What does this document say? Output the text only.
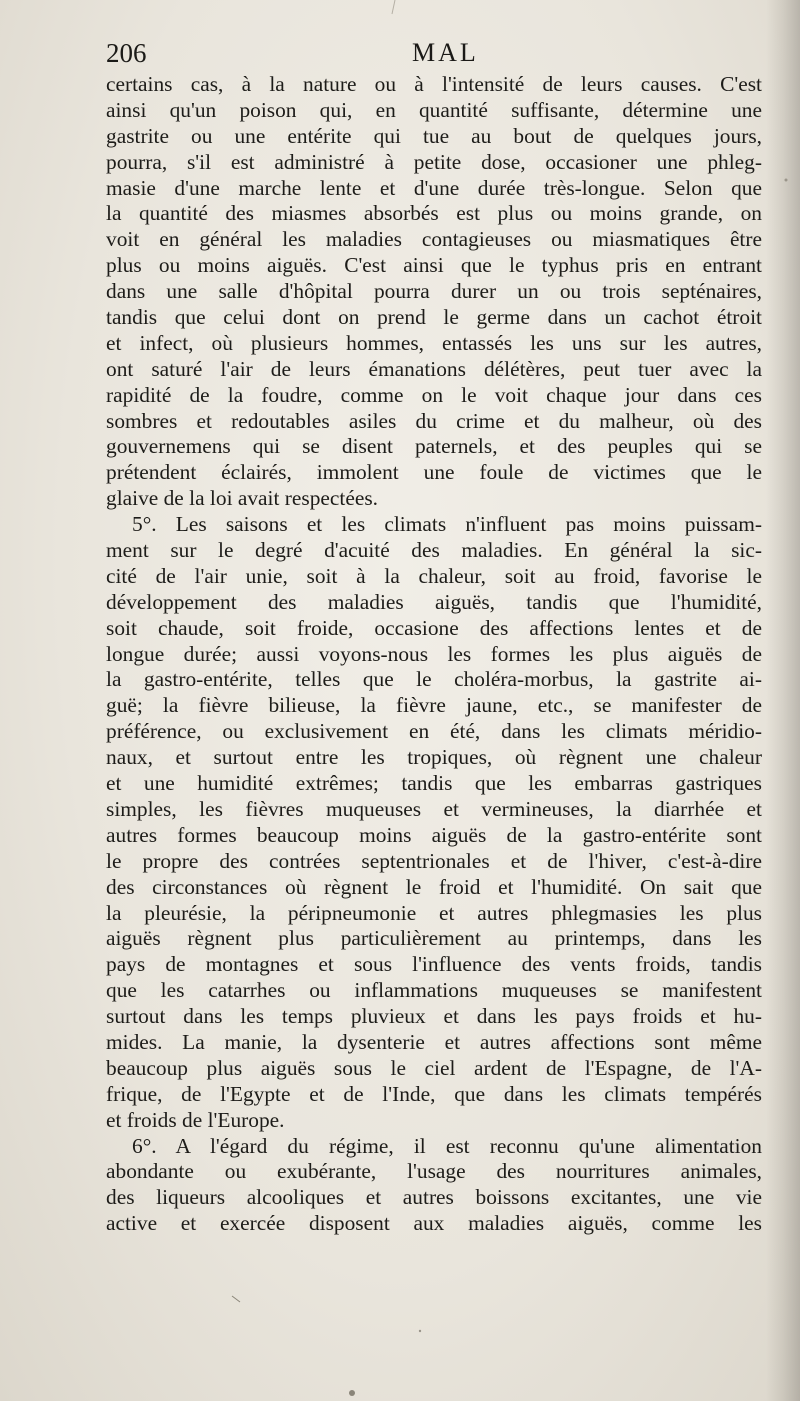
206	MAL
certains cas, à la nature ou à l'intensité de leurs causes. C'est
ainsi qu'un poison qui, en quantité suffisante, détermine une
gastrite ou une entérite qui tue au bout de quelques jours,
pourra, s'il est administré à petite dose, occasioner une phleg-
masie d'une marche lente et d'une durée très-longue. Selon que
la quantité des miasmes absorbés est plus ou moins grande, on
voit en général les maladies contagieuses ou miasmatiques être
plus ou moins aiguës. C'est ainsi que le typhus pris en entrant
dans une salle d'hôpital pourra durer un ou trois septénaires,
tandis que celui dont on prend le germe dans un cachot étroit
et infect, où plusieurs hommes, entassés les uns sur les autres,
ont saturé l'air de leurs émanations délétères, peut tuer avec la
rapidité de la foudre, comme on le voit chaque jour dans ces
sombres et redoutables asiles du crime et du malheur, où des
gouvernemens qui se disent paternels, et des peuples qui se
prétendent éclairés, immolent une foule de victimes que le
glaive de la loi avait respectées.
5°. Les saisons et les climats n'influent pas moins puissam-
ment sur le degré d'acuité des maladies. En général la sic-
cité de l'air unie, soit à la chaleur, soit au froid, favorise le
développement des maladies aiguës, tandis que l'humidité,
soit chaude, soit froide, occasione des affections lentes et de
longue durée; aussi voyons-nous les formes les plus aiguës de
la gastro-entérite, telles que le choléra-morbus, la gastrite ai-
guë; la fièvre bilieuse, la fièvre jaune, etc., se manifester de
préférence, ou exclusivement en été, dans les climats méridio-
naux, et surtout entre les tropiques, où règnent une chaleur
et une humidité extrêmes; tandis que les embarras gastriques
simples, les fièvres muqueuses et vermineuses, la diarrhée et
autres formes beaucoup moins aiguës de la gastro-entérite sont
le propre des contrées septentrionales et de l'hiver, c'est-à-dire
des circonstances où règnent le froid et l'humidité. On sait que
la pleurésie, la péripneumonie et autres phlegmasies les plus
aiguës règnent plus particulièrement au printemps, dans les
pays de montagnes et sous l'influence des vents froids, tandis
que les catarrhes ou inflammations muqueuses se manifestent
surtout dans les temps pluvieux et dans les pays froids et hu-
mides. La manie, la dysenterie et autres affections sont même
beaucoup plus aiguës sous le ciel ardent de l'Espagne, de l'A-
frique, de l'Egypte et de l'Inde, que dans les climats tempérés
et froids de l'Europe.
6°. A l'égard du régime, il est reconnu qu'une alimentation
abondante ou exubérante, l'usage des nourritures animales,
des liqueurs alcooliques et autres boissons excitantes, une vie
active et exercée disposent aux maladies aiguës, comme les
